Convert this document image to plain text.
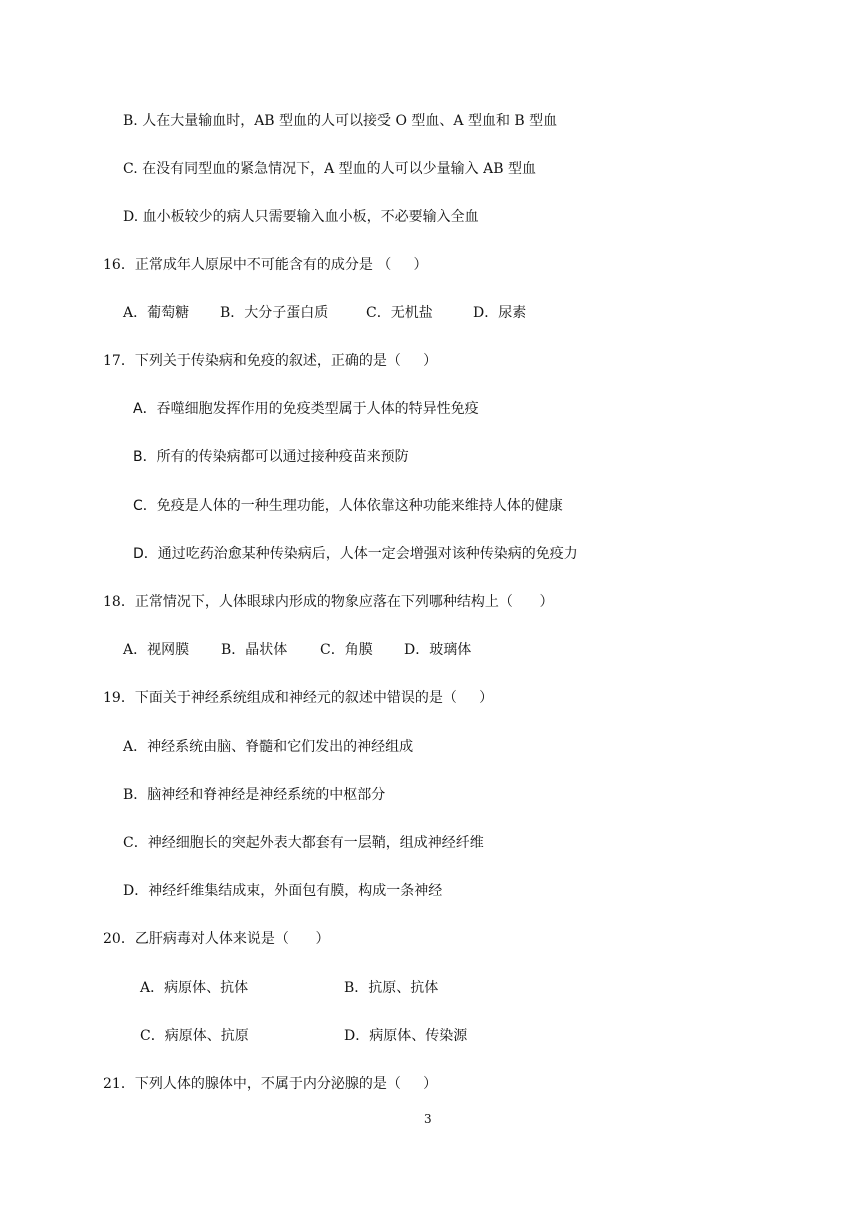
B. 人在大量输血时，AB 型血的人可以接受 O 型血、A 型血和 B 型血
C. 在没有同型血的紧急情况下，A 型血的人可以少量输入 AB 型血
D. 血小板较少的病人只需要输入血小板，不必要输入全血
16．正常成年人原尿中不可能含有的成分是 （     ）
A．葡萄糖 B．大分子蛋白质	C．无机盐	D．尿素
17．下列关于传染病和免疫的叙述，正确的是（     ）
A．吞噬细胞发挥作用的免疫类型属于人体的特异性免疫
B．所有的传染病都可以通过接种疫苗来预防
C．免疫是人体的一种生理功能，人体依靠这种功能来维持人体的健康
D．通过吃药治愈某种传染病后，人体一定会增强对该种传染病的免疫力
18．正常情况下，人体眼球内形成的物象应落在下列哪种结构上（      ）
A．视网膜 B．晶状体 C．角膜 D．玻璃体
19．下面关于神经系统组成和神经元的叙述中错误的是（     ）
A．神经系统由脑、脊髓和它们发出的神经组成
B．脑神经和脊神经是神经系统的中枢部分
C．神经细胞长的突起外表大都套有一层鞘，组成神经纤维
D．神经纤维集结成束，外面包有膜，构成一条神经
20．乙肝病毒对人体来说是（      ）
A．病原体、抗体	B．抗原、抗体
C．病原体、抗原	D．病原体、传染源
21．下列人体的腺体中，不属于内分泌腺的是（     ）
3
